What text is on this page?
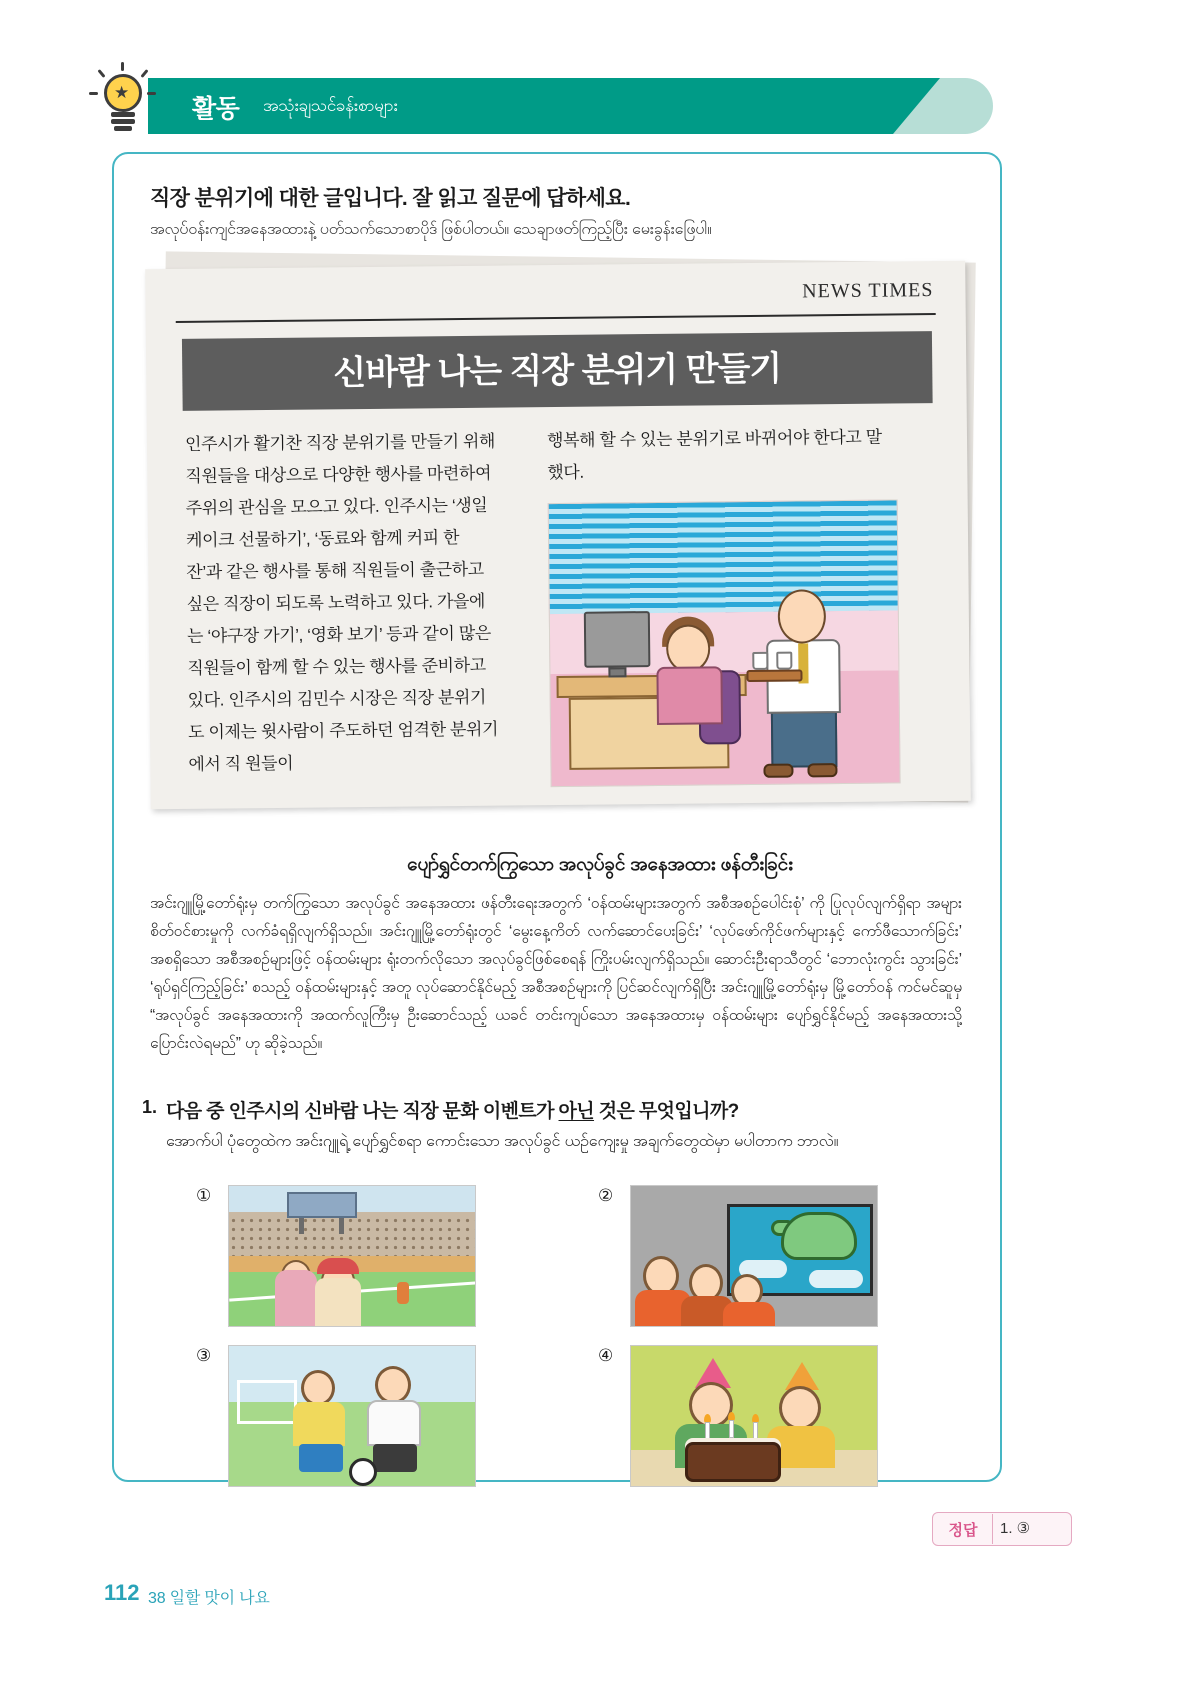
활동 အသုံးချသင်ခန်းစာများ
★
직장 분위기에 대한 글입니다. 잘 읽고 질문에 답하세요.
အလုပ်ဝန်းကျင်အနေအထားနဲ့ ပတ်သက်သောစာပိုဒ် ဖြစ်ပါတယ်။ သေချာဖတ်ကြည့်ပြီး မေးခွန်းဖြေပါ။
NEWS TIMES
신바람 나는 직장 분위기 만들기
인주시가 활기찬 직장 분위기를 만들기 위해 직원들을 대상으로 다양한 행사를 마련하여 주위의 관심을 모으고 있다. 인주시는 ‘생일 케이크 선물하기’, ‘동료와 함께 커피 한 잔’과 같은 행사를 통해 직원들이 출근하고 싶은 직장이 되도록 노력하고 있다. 가을에는 ‘야구장 가기’, ‘영화 보기’ 등과 같이 많은 직원들이 함께 할 수 있는 행사를 준비하고 있다. 인주시의 김민수 시장은 직장 분위기도 이제는 윗사람이 주도하던 엄격한 분위기에서 직 원들이
행복해 할 수 있는 분위기로 바뀌어야 한다고 말했다.
ပျော်ရွှင်တက်ကြွသော အလုပ်ခွင် အနေအထား ဖန်တီးခြင်း
အင်းဂျူမြို့တော်ရုံးမှ တက်ကြွသော အလုပ်ခွင် အနေအထား ဖန်တီးရေးအတွက် ‘ဝန်ထမ်းများအတွက် အစီအစဉ်ပေါင်းစုံ’ ကို ပြုလုပ်လျက်ရှိရာ အများစိတ်ဝင်စားမှုကို လက်ခံရရှိလျက်ရှိသည်။ အင်းဂျူမြို့တော်ရုံးတွင် ‘မွေးနေ့ကိတ် လက်ဆောင်ပေးခြင်း’ ‘လုပ်ဖော်ကိုင်ဖက်များနှင့် ကော်ဖီသောက်ခြင်း’ အစရှိသော အစီအစဉ်များဖြင့် ဝန်ထမ်းများ ရုံးတက်လိုသော အလုပ်ခွင်ဖြစ်စေရန် ကြိုးပမ်းလျက်ရှိသည်။ ဆောင်းဦးရာသီတွင် ‘ဘောလုံးကွင်း သွားခြင်း’ ‘ရုပ်ရှင်ကြည့်ခြင်း’ စသည့် ဝန်ထမ်းများနှင့် အတူ လုပ်ဆောင်နိုင်မည့် အစီအစဉ်များကို ပြင်ဆင်လျက်ရှိပြီး အင်းဂျူမြို့တော်ရုံးမှ မြို့တော်ဝန် ကင်မင်ဆူမှ “အလုပ်ခွင် အနေအထားကို အထက်လူကြီးမှ ဦးဆောင်သည့် ယခင် တင်းကျပ်သော အနေအထားမှ ဝန်ထမ်းများ ပျော်ရွှင်နိုင်မည့် အနေအထားသို့ ပြောင်းလဲရမည်” ဟု ဆိုခဲ့သည်။
1. 다음 중 인주시의 신바람 나는 직장 문화 이벤트가 아닌 것은 무엇입니까?
အောက်ပါ ပုံတွေထဲက အင်းဂျူရဲ့ ပျော်ရွှင်စရာ ကောင်းသော အလုပ်ခွင် ယဉ်ကျေးမှု အချက်တွေထဲမှာ မပါတာက ဘာလဲ။
①	②
③	④
정답	1. ③
112 38 일할 맛이 나요
